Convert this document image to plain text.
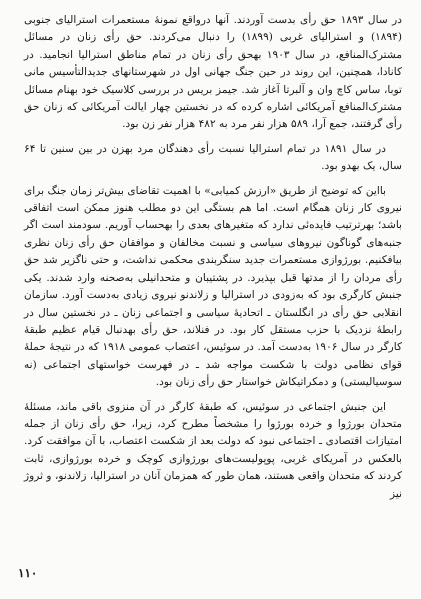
در سال ۱۸۹۳ حق رأی بدست آوردند. آنها درواقع نمونهٔ مستعمرات استرالیای جنوبی (۱۸۹۴) و استرالیای غربی (۱۸۹۹) را دنبال می‌کردند. حق رأی زنان در مسائل مشترک‌المنافع، در سال ۱۹۰۳ بهحق رأی زنان در تمام مناطق استرالیا انجامید. در کانادا، همچنین، این روند در حین جنگ جهانی اول در شهرستانهای جدیدالتأسیس مانی توبا، ساس کاچ وان و آلبرتا آغاز شد. جیمز بریس در بررسی کلاسیک خود بهنام مسائل مشترک‌المنافع آمریکائی اشاره کرده که در نخستین چهار ایالت آمریکائی که زنان حق رأی گرفتند، جمع آرا، ۵۸۹ هزار نفر مرد به ۴۸۲ هزار نفر زن بود.

در سال ۱۸۹۱ در تمام استرالیا نسبت رأی دهندگان مرد بهزن در بین سنین تا ۶۴ سال، یک بهدو بود.

بااین که توضیح از طریق «ارزش کمیابی» با اهمیت تقاضای بیش‌تر زمان جنگ برای نیروی کار زنان همگام است. اما هم بستگی این دو مطلب هنوز ممکن است اتفاقی باشد؛ بهرترتیب فایده‌ئی ندارد که متغیرهای بعدی را بهحساب آوریم. سودمند است اگر جنبه‌های گوناگون نیروهای سیاسی و نسبت مخالفان و موافقان حق رأی زنان نظری بیافکنیم. بورژوازی مستعمرات جدید سنگربندی محکمی نداشت، و حتی ناگزیر شد حق رأی مردان را از مدتها قبل بپذیرد. در پشتیبان و متحدانیلی به‌صحنه وارد شدند. یکی جنبش کارگری بود که به‌زودی در استرالیا و زلاندنو نیروی زیادی به‌دست آورد. سازمان انقلابی حق رأی در انگلستان ـ اتحادیهٔ سیاسی و اجتماعی زنان ـ در نخستین سال در رابطهٔ نزدیک با حزب مستقل کار بود. در فنلاند، حق رأی بهدنبال قیام عظیم طبقهٔ کارگر در سال ۱۹۰۶ به‌دست آمد. در سوئیس، اعتصاب عمومی ۱۹۱۸ که در نتیجهٔ حملهٔ قوای نظامی دولت با شکست مواجه شد ـ در فهرست خواستهای اجتماعی (نه سوسیالیستی) و دمکراتیکاش خواستار حق رأی زنان بود.

این جنبش اجتماعی در سوئیس، که طبقهٔ کارگر در آن منزوی باقی ماند، مسئلهٔ متحدان بورژوا و خرده بورژوا را مشخصاً مطرح کرد، زیرا، حق رأی زنان از جمله امتیازات اقتصادی ـ اجتماعی نبود که دولت بعد از شکست اعتصاب، با آن موافقت کرد. بالعکس در آمریکای غربی، پوپولیست‌های بورژوازی کوچک و خرده بورژوازی، ثابت کردند که متحدان واقعی هستند، همان طور که همزمان آنان در استرالیا، زلاندنو، و ثروژ نیز

۱۱۰
